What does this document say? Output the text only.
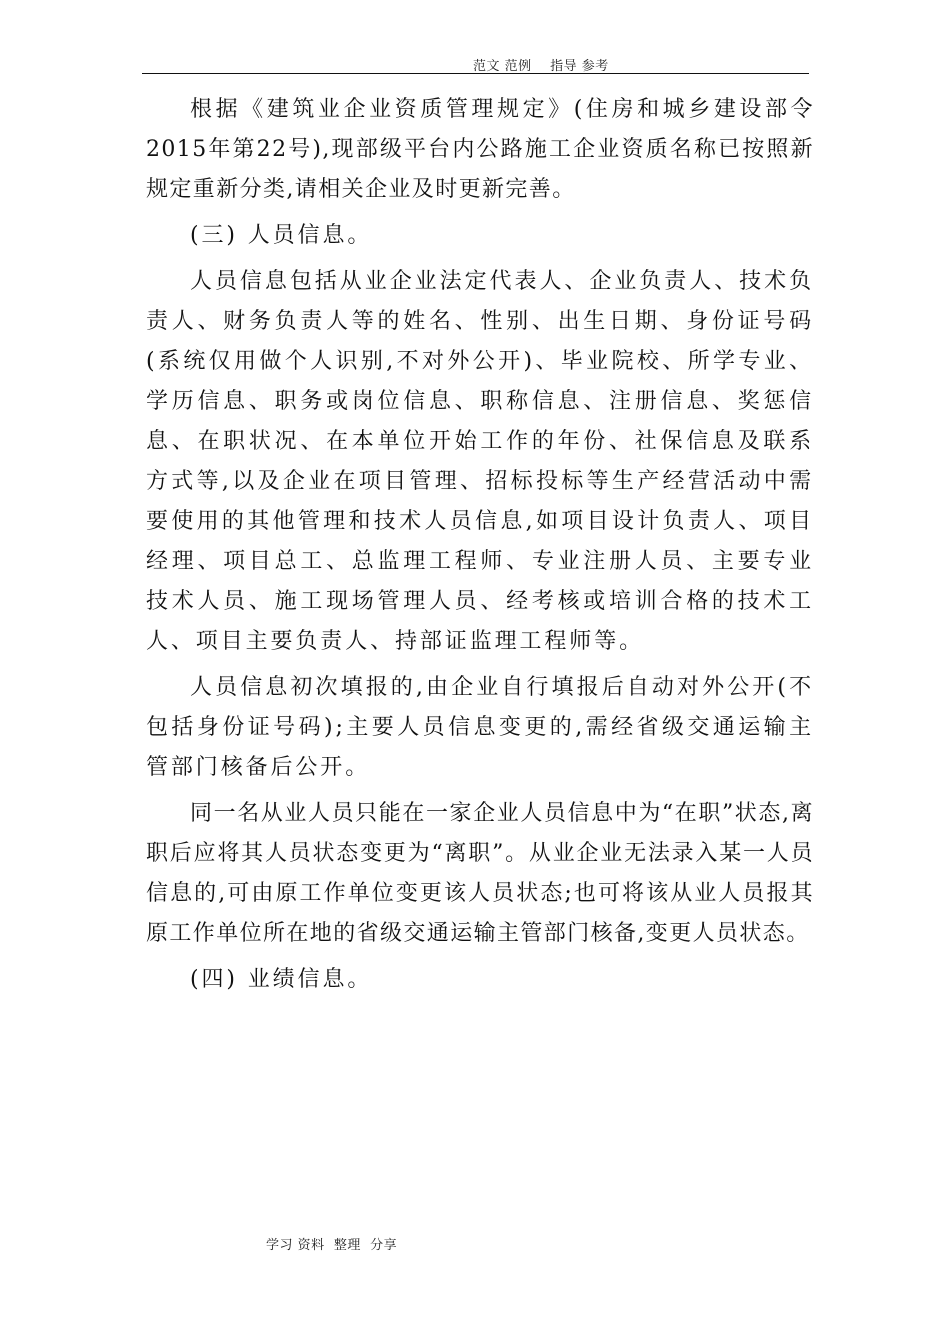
范文 范例    指导 参考

根据《建筑业企业资质管理规定》(住房和城乡建设部令2015年第22号),现部级平台内公路施工企业资质名称已按照新规定重新分类,请相关企业及时更新完善。

(三) 人员信息。

人员信息包括从业企业法定代表人、企业负责人、技术负责人、财务负责人等的姓名、性别、出生日期、身份证号码(系统仅用做个人识别,不对外公开)、毕业院校、所学专业、学历信息、职务或岗位信息、职称信息、注册信息、奖惩信息、在职状况、在本单位开始工作的年份、社保信息及联系方式等,以及企业在项目管理、招标投标等生产经营活动中需要使用的其他管理和技术人员信息,如项目设计负责人、项目经理、项目总工、总监理工程师、专业注册人员、主要专业技术人员、施工现场管理人员、经考核或培训合格的技术工人、项目主要负责人、持部证监理工程师等。

人员信息初次填报的,由企业自行填报后自动对外公开(不包括身份证号码);主要人员信息变更的,需经省级交通运输主管部门核备后公开。

同一名从业人员只能在一家企业人员信息中为“在职”状态,离职后应将其人员状态变更为“离职”。从业企业无法录入某一人员信息的,可由原工作单位变更该人员状态;也可将该从业人员报其原工作单位所在地的省级交通运输主管部门核备,变更人员状态。

(四) 业绩信息。

学习 资料  整理  分享
